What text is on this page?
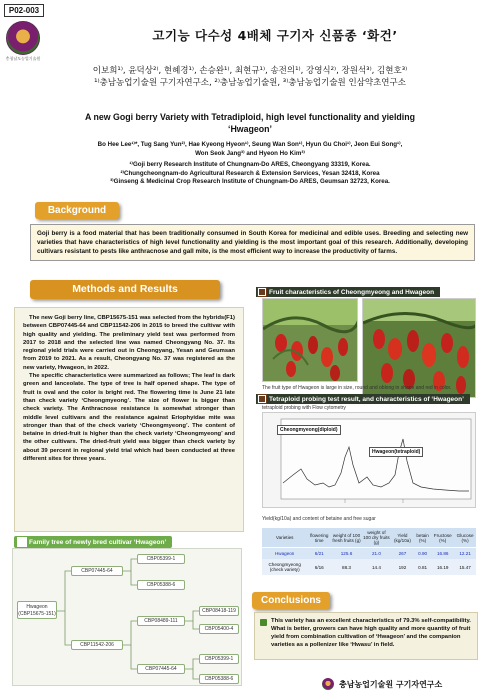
P02-003
충청남도농업기술원
고기능 다수성 4배체 구기자 신품종 ‘화건’
이보희¹⁾, 윤덕상²⁾, 현혜경¹⁾, 손승완¹⁾, 최현규¹⁾, 송전의¹⁾, 강영식²⁾, 장원석³⁾, 김현호³⁾
¹⁾충남농업기술원 구기자연구소, ²⁾충남농업기술원, ³⁾충남농업기술원 인삼약초연구소
A new Gogi berry Variety with Tetradiploid, high level functionality and yielding
‘Hwageon’
Bo Hee Lee¹⁾*, Tug Sang Yun²⁾, Hae Kyeong Hyeon¹⁾, Seung Wan Son¹⁾, Hyun Gu Choi¹⁾, Jeon Eui Song¹⁾,
Won Seok Jang³⁾ and Hyeon Ho Kim³⁾
¹⁾Goji berry Research Institute of Chungnam-Do ARES, Cheongyang 33319, Korea.
²⁾Chungcheongnam-do Agricultural Research & Extension Services, Yesan 32418, Korea
³⁾Ginseng & Medicinal Crop Research Institute of Chungnam-Do ARES, Geumsan 32723, Korea.
Background
Goji berry is a food material that has been traditionally consumed in South Korea for medicinal and edible uses. Breeding and selecting new varieties that have characteristics of high level functionality and yielding is the most important goal of this research. Additionally, developing cultivars resistant to pests like anthracnose and gall mite, is the most efficient way to increase the productivity of farms.
Methods and Results

The new Goji berry line, CBP15675-151 was selected from the hybrids(F1) between CBP07445-64 and CBP11542-206 in 2015 to breed the cultivar with high quality and yielding. The preliminary yield test was performed from 2017 to 2018 and the selected line was named Cheongyang No. 37. Its regional yield trials were carried out in Cheongyang, Yesan and Geumsan from 2019 to 2021. As a result, Cheongyang No. 37 was registered as the new variety, Hwageon, in 2022.

The specific characteristics were summarized as follows; The leaf is dark green and lanceolate. The type of tree is half opened shape. The type of fruit is oval and the color is bright red. The flowering time is June 21 late than check variety ‘Cheongmyeong’. The size of flower is bigger than check variety. The Anthracnose resistance is somewhat stronger than middle level cultivars and the resistance against Eriophyidae mite was stronger than that of the check variety ‘Cheongmyeong’. The content of betaine in dried-fruit is higher than the check variety ‘Cheongmyeong’ and the other cultivars. The dried-fruit yield was bigger than check variety by about 39 percent in regional yield trial which had been conducted at three different sites for three years.

Family tree of newly bred cultivar ‘Hwageon’
Hwageon
(CBP15675-151)
CBP07445-64
CBP11542-206
CBP05399-1
CBP05388-6
CBP08489-111
CBP07445-64
CBP08418-119
CBP05400-4
CBP05399-1
CBP05388-6
Fruit characteristics of Cheongmyeong and Hwageon
The fruit type of Hwageon is large in size, round and oblong in shape and red in color.
Tetraploid probing test result, and characteristics of ‘Hwageon’
tetraploid probing with Flow cytometry
Cheongmyeong(diploid)
Hwageon(tetraploid)
Yield(kg/10a) and content of betaine and free sugar
Varieties	flowering time	weight of 100 fresh fruits (g)	weight of 100 dry fruits (g)	Yield (kg/10a)	betain (%)	Fructose (%)	Glucose (%)
Hwageon	6/21	125.6	21.0	267	0.90	16.86	12.21
Cheongmyeong (check variety)	6/16	88.3	14.4	192	0.81	16.19	15.47
Conclusions
This variety has an excellent characteristics of 79.3% self-compatibility. What is better, growers can have high quality and more quantity of fruit yield from combination cultivation of ‘Hwageon’ and the companion varieties as a pollenizer like ‘Hwasu’ in field.
충남농업기술원 구기자연구소
